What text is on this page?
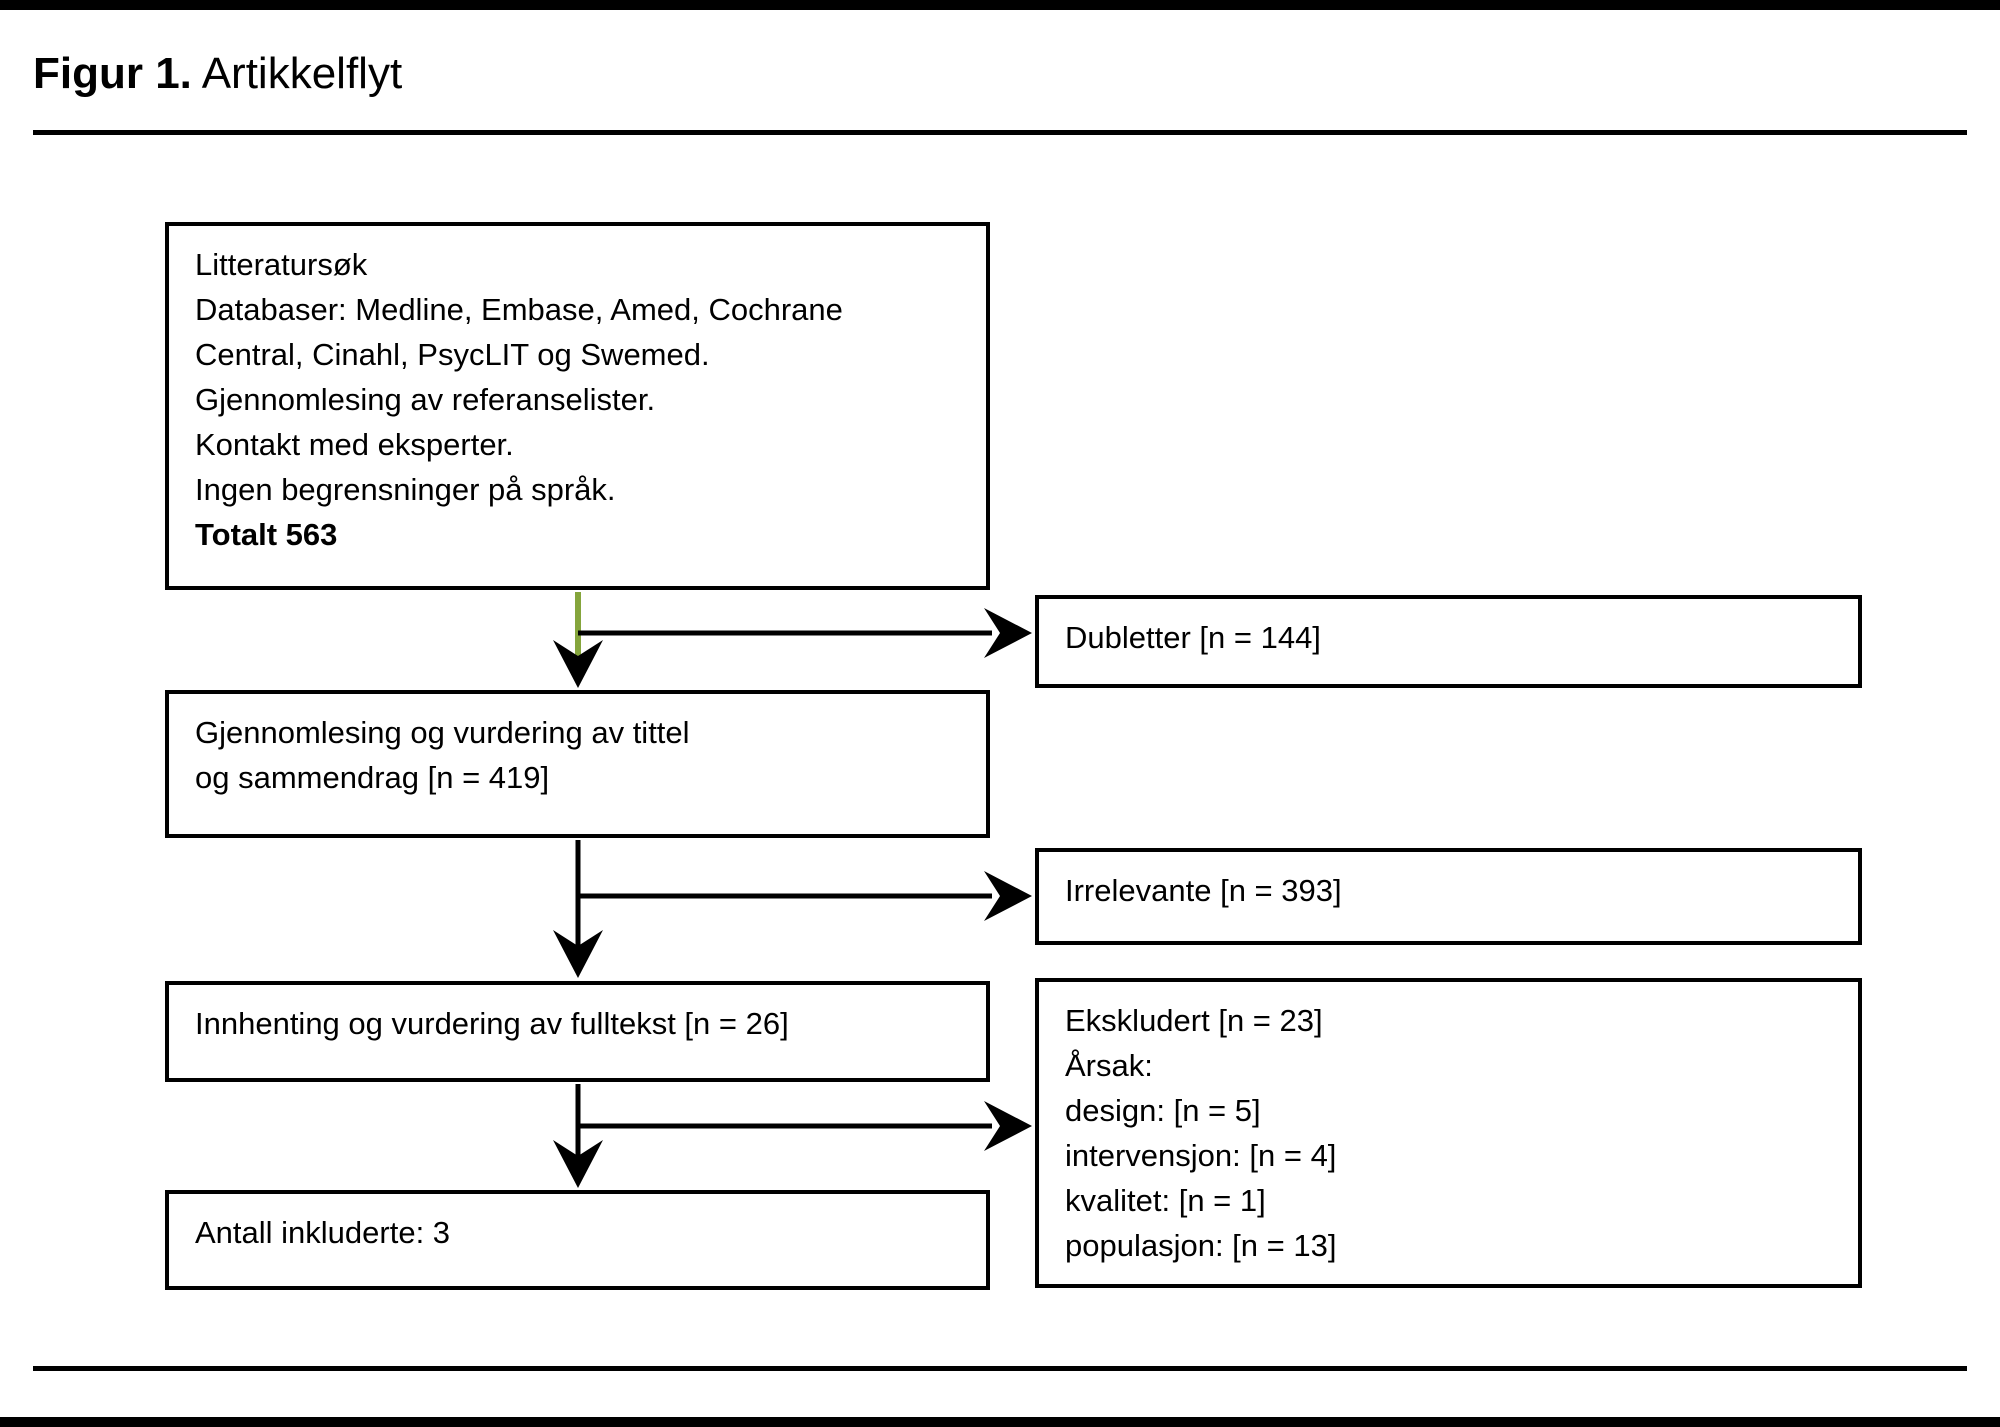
Figur 1. Artikkelflyt
Litteratursøk
Databaser: Medline, Embase, Amed, Cochrane
Central, Cinahl, PsycLIT og Swemed.
Gjennomlesing av referanselister.
Kontakt med eksperter.
Ingen begrensninger på språk.
Totalt 563
Gjennomlesing og vurdering av tittel
og sammendrag [n = 419]
Innhenting og vurdering av fulltekst [n = 26]
Antall inkluderte: 3
Dubletter [n = 144]
Irrelevante [n = 393]
Ekskludert [n = 23]
Årsak:
design: [n = 5]
intervensjon: [n = 4]
kvalitet: [n = 1]
populasjon: [n = 13]
